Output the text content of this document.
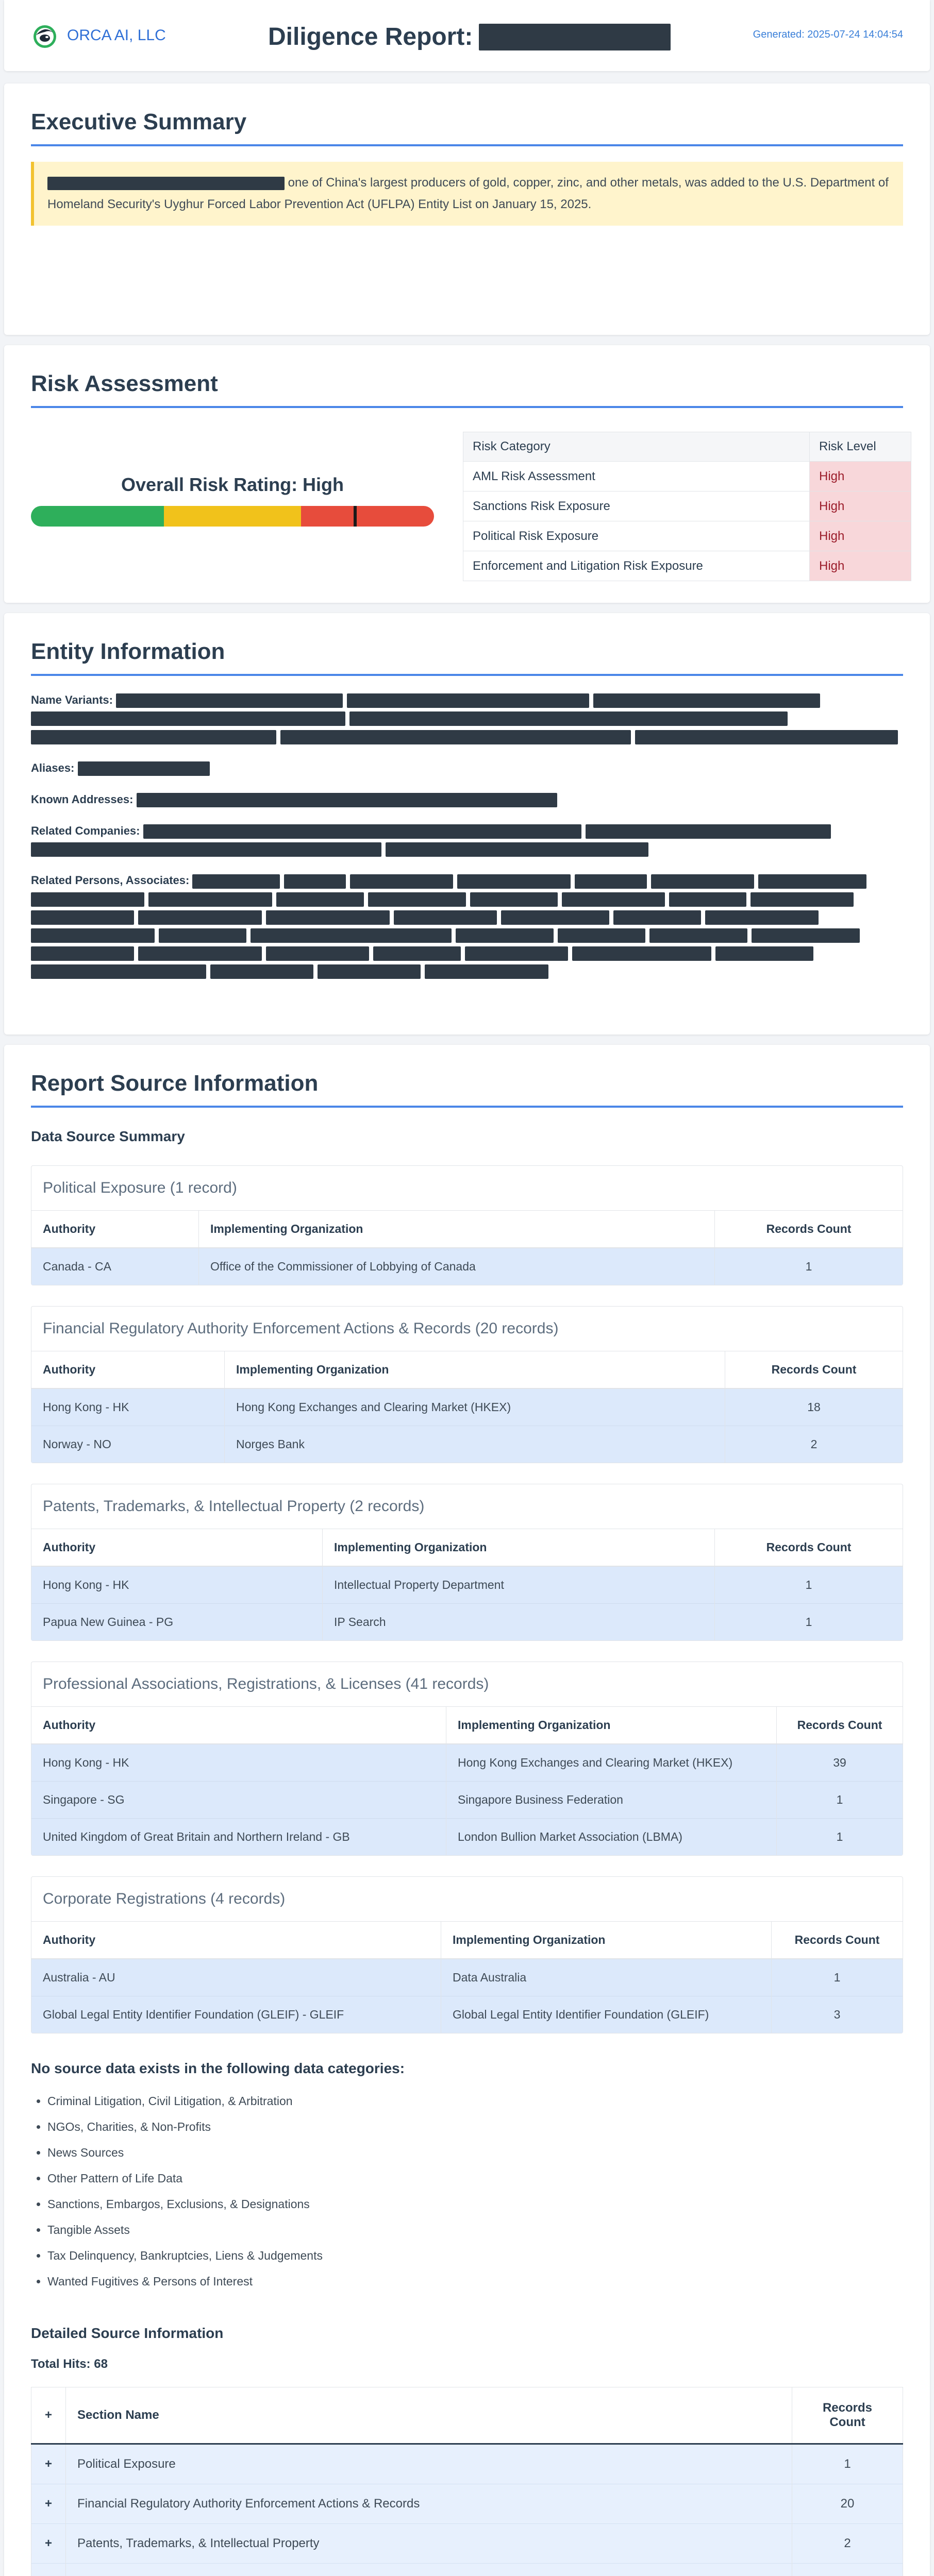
ORCA AI, LLC	Diligence Report:	Generated: 2025-07-24 14:04:54
Executive Summary
one of China's largest producers of gold, copper, zinc, and other metals, was added to the U.S. Department of Homeland Security's Uyghur Forced Labor Prevention Act (UFLPA) Entity List on January 15, 2025.
Risk Assessment
Overall Risk Rating: High
Risk Category	Risk Level
AML Risk Assessment	High
Sanctions Risk Exposure	High
Political Risk Exposure	High
Enforcement and Litigation Risk Exposure	High
Entity Information
Name Variants:
Aliases:
Known Addresses:
Related Companies:
Related Persons, Associates:
Report Source Information
Data Source Summary
Political Exposure (1 record)
Authority	Implementing Organization	Records Count
Canada - CA	Office of the Commissioner of Lobbying of Canada	1
Financial Regulatory Authority Enforcement Actions & Records (20 records)
Authority	Implementing Organization	Records Count
Hong Kong - HK	Hong Kong Exchanges and Clearing Market (HKEX)	18
Norway - NO	Norges Bank	2
Patents, Trademarks, & Intellectual Property (2 records)
Authority	Implementing Organization	Records Count
Hong Kong - HK	Intellectual Property Department	1
Papua New Guinea - PG	IP Search	1
Professional Associations, Registrations, & Licenses (41 records)
Authority	Implementing Organization	Records Count
Hong Kong - HK	Hong Kong Exchanges and Clearing Market (HKEX)	39
Singapore - SG	Singapore Business Federation	1
United Kingdom of Great Britain and Northern Ireland - GB	London Bullion Market Association (LBMA)	1
Corporate Registrations (4 records)
Authority	Implementing Organization	Records Count
Australia - AU	Data Australia	1
Global Legal Entity Identifier Foundation (GLEIF) - GLEIF	Global Legal Entity Identifier Foundation (GLEIF)	3
No source data exists in the following data categories:
• Criminal Litigation, Civil Litigation, & Arbitration
• NGOs, Charities, & Non-Profits
• News Sources
• Other Pattern of Life Data
• Sanctions, Embargos, Exclusions, & Designations
• Tangible Assets
• Tax Delinquency, Bankruptcies, Liens & Judgements
• Wanted Fugitives & Persons of Interest
Detailed Source Information
Total Hits: 68
+	Section Name	Records Count
+	Political Exposure	1
+	Financial Regulatory Authority Enforcement Actions & Records	20
+	Patents, Trademarks, & Intellectual Property	2
